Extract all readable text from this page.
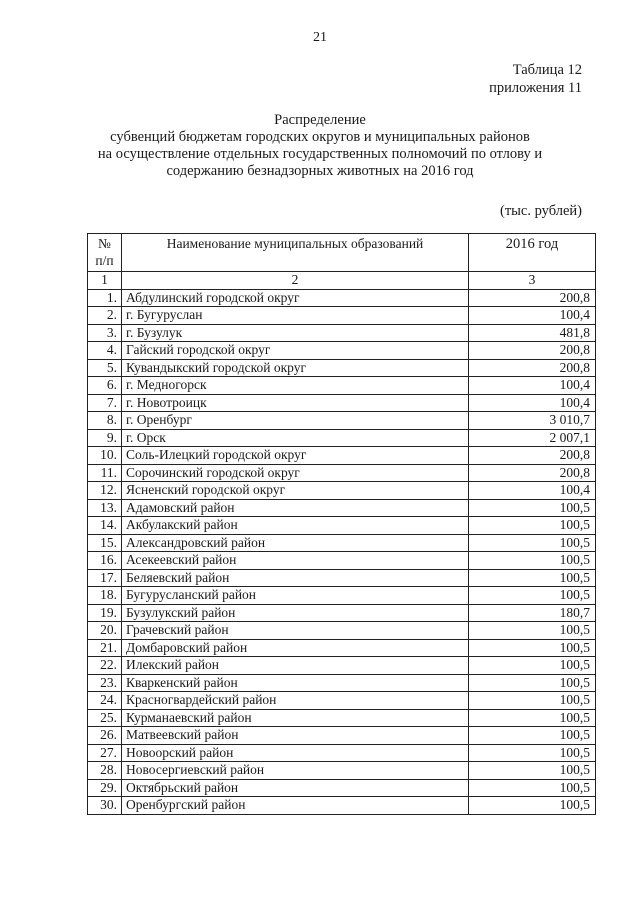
21
Таблица 12
приложения 11
Распределение
субвенций бюджетам городских округов и муниципальных районов
на осуществление отдельных государственных полномочий по отлову и
содержанию безнадзорных животных на 2016 год
(тыс. рублей)
№
п/п	Наименование муниципальных образований	2016 год
1	2	3
1.	Абдулинский городской округ	200,8
2.	г. Бугуруслан	100,4
3.	г. Бузулук	481,8
4.	Гайский городской округ	200,8
5.	Кувандыкский городской округ	200,8
6.	г. Медногорск	100,4
7.	г. Новотроицк	100,4
8.	г. Оренбург	3 010,7
9.	г. Орск	2 007,1
10.	Соль-Илецкий городской округ	200,8
11.	Сорочинский городской округ	200,8
12.	Ясненский городской округ	100,4
13.	Адамовский район	100,5
14.	Акбулакский район	100,5
15.	Александровский район	100,5
16.	Асекеевский район	100,5
17.	Беляевский район	100,5
18.	Бугурусланский район	100,5
19.	Бузулукский район	180,7
20.	Грачевский район	100,5
21.	Домбаровский район	100,5
22.	Илекский район	100,5
23.	Кваркенский район	100,5
24.	Красногвардейский район	100,5
25.	Курманаевский район	100,5
26.	Матвеевский район	100,5
27.	Новоорский район	100,5
28.	Новосергиевский район	100,5
29.	Октябрьский район	100,5
30.	Оренбургский район	100,5
